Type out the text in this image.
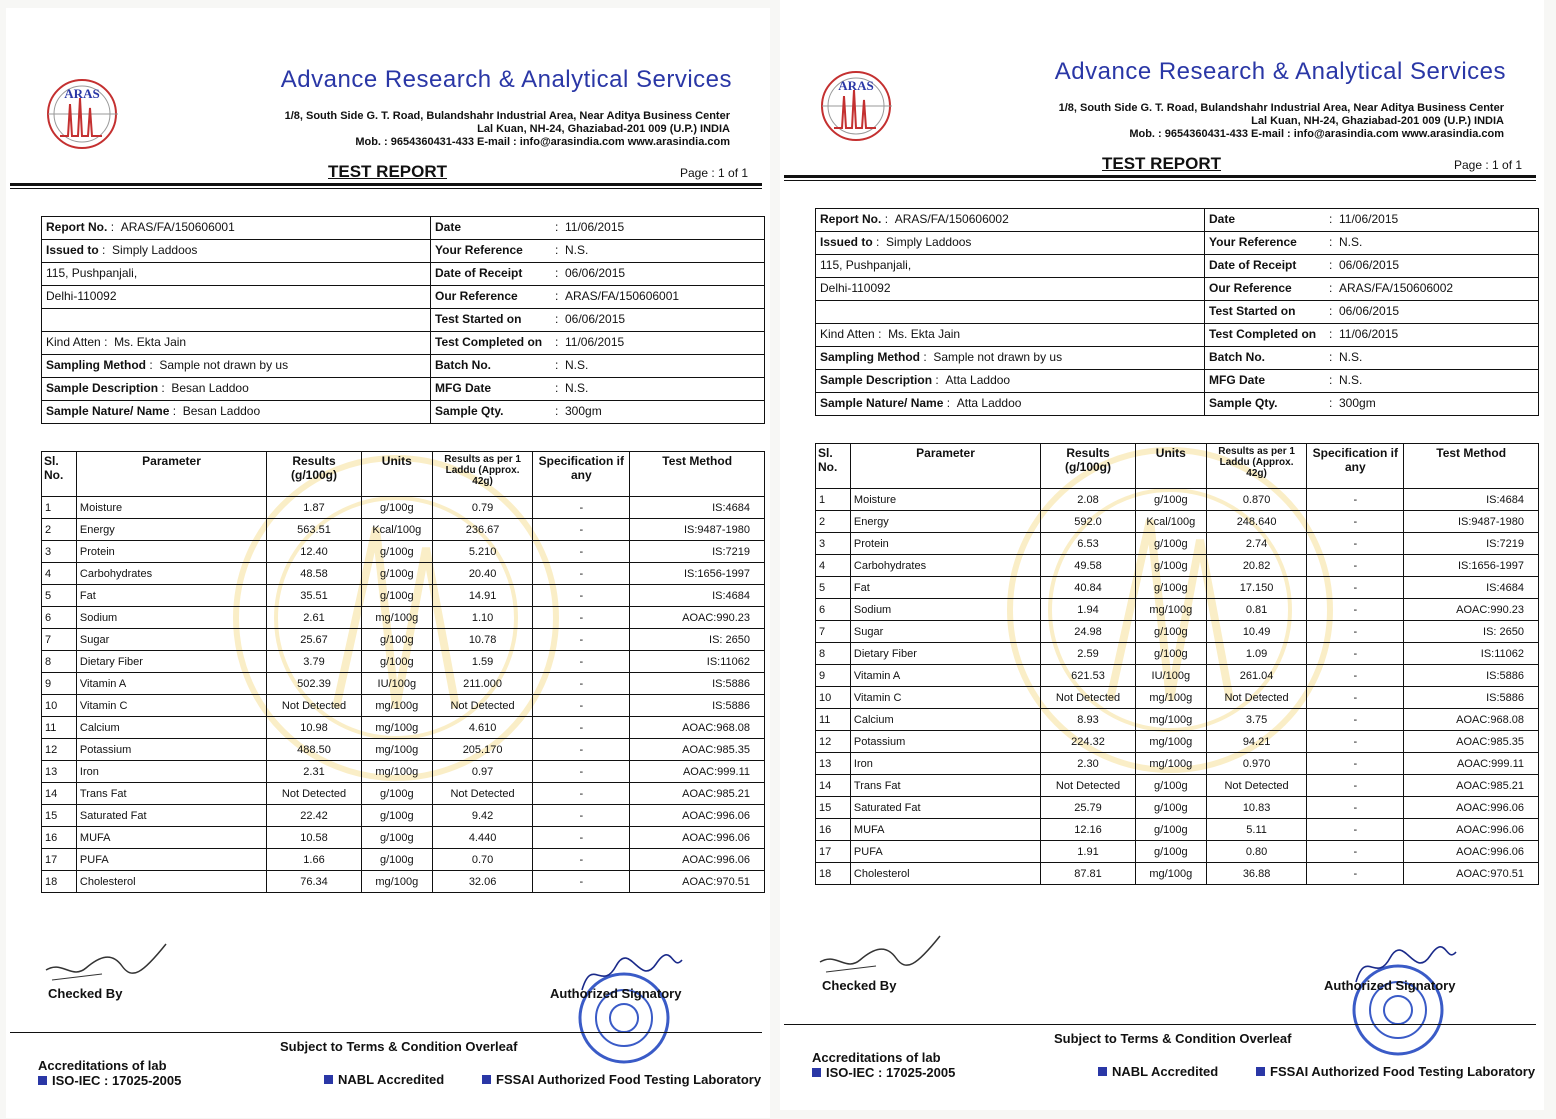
ARAS
Advance Research & Analytical Services
1/8, South Side G. T. Road, Bulandshahr Industrial Area, Near Aditya Business Center
Lal Kuan, NH-24, Ghaziabad-201 009 (U.P.) INDIA
Mob. : 9654360431-433 E-mail : info@arasindia.com www.arasindia.com
TEST REPORT	Page : 1 of 1
Report No. : ARAS/FA/150606001	Date	: 11/06/2015
Issued to : Simply Laddoos	Your Reference	: N.S.
115, Pushpanjali,	Date of Receipt	: 06/06/2015
Delhi-110092	Our Reference	: ARAS/FA/150606001
	Test Started on	: 06/06/2015
Kind Atten : Ms. Ekta Jain	Test Completed on	: 11/06/2015
Sampling Method : Sample not drawn by us	Batch No.	: N.S.
Sample Description : Besan Laddoo	MFG Date	: N.S.
Sample Nature/ Name : Besan Laddoo	Sample Qty.	: 300gm
Sl. No.	Parameter	Results (g/100g)	Units	Results as per 1 Laddu (Approx. 42g)	Specification if any	Test Method
1	Moisture	1.87	g/100g	0.79	-	IS:4684
2	Energy	563.51	Kcal/100g	236.67	-	IS:9487-1980
3	Protein	12.40	g/100g	5.210	-	IS:7219
4	Carbohydrates	48.58	g/100g	20.40	-	IS:1656-1997
5	Fat	35.51	g/100g	14.91	-	IS:4684
6	Sodium	2.61	mg/100g	1.10	-	AOAC:990.23
7	Sugar	25.67	g/100g	10.78	-	IS: 2650
8	Dietary Fiber	3.79	g/100g	1.59	-	IS:11062
9	Vitamin A	502.39	IU/100g	211.000	-	IS:5886
10	Vitamin C	Not Detected	mg/100g	Not Detected	-	IS:5886
11	Calcium	10.98	mg/100g	4.610	-	AOAC:968.08
12	Potassium	488.50	mg/100g	205.170	-	AOAC:985.35
13	Iron	2.31	mg/100g	0.97	-	AOAC:999.11
14	Trans Fat	Not Detected	g/100g	Not Detected	-	AOAC:985.21
15	Saturated Fat	22.42	g/100g	9.42	-	AOAC:996.06
16	MUFA	10.58	g/100g	4.440	-	AOAC:996.06
17	PUFA	1.66	g/100g	0.70	-	AOAC:996.06
18	Cholesterol	76.34	mg/100g	32.06	-	AOAC:970.51
Checked By	Authorized Signatory
Subject to Terms & Condition Overleaf
Accreditations of lab
ISO-IEC : 17025-2005	NABL Accredited	FSSAI Authorized Food Testing Laboratory
ARAS
Advance Research & Analytical Services
1/8, South Side G. T. Road, Bulandshahr Industrial Area, Near Aditya Business Center
Lal Kuan, NH-24, Ghaziabad-201 009 (U.P.) INDIA
Mob. : 9654360431-433 E-mail : info@arasindia.com www.arasindia.com
TEST REPORT	Page : 1 of 1
Report No. : ARAS/FA/150606002	Date	: 11/06/2015
Issued to : Simply Laddoos	Your Reference	: N.S.
115, Pushpanjali,	Date of Receipt	: 06/06/2015
Delhi-110092	Our Reference	: ARAS/FA/150606002
	Test Started on	: 06/06/2015
Kind Atten : Ms. Ekta Jain	Test Completed on	: 11/06/2015
Sampling Method : Sample not drawn by us	Batch No.	: N.S.
Sample Description : Atta Laddoo	MFG Date	: N.S.
Sample Nature/ Name : Atta Laddoo	Sample Qty.	: 300gm
Sl. No.	Parameter	Results (g/100g)	Units	Results as per 1 Laddu (Approx. 42g)	Specification if any	Test Method
1	Moisture	2.08	g/100g	0.870	-	IS:4684
2	Energy	592.0	Kcal/100g	248.640	-	IS:9487-1980
3	Protein	6.53	g/100g	2.74	-	IS:7219
4	Carbohydrates	49.58	g/100g	20.82	-	IS:1656-1997
5	Fat	40.84	g/100g	17.150	-	IS:4684
6	Sodium	1.94	mg/100g	0.81	-	AOAC:990.23
7	Sugar	24.98	g/100g	10.49	-	IS: 2650
8	Dietary Fiber	2.59	g/100g	1.09	-	IS:11062
9	Vitamin A	621.53	IU/100g	261.04	-	IS:5886
10	Vitamin C	Not Detected	mg/100g	Not Detected	-	IS:5886
11	Calcium	8.93	mg/100g	3.75	-	AOAC:968.08
12	Potassium	224.32	mg/100g	94.21	-	AOAC:985.35
13	Iron	2.30	mg/100g	0.970	-	AOAC:999.11
14	Trans Fat	Not Detected	g/100g	Not Detected	-	AOAC:985.21
15	Saturated Fat	25.79	g/100g	10.83	-	AOAC:996.06
16	MUFA	12.16	g/100g	5.11	-	AOAC:996.06
17	PUFA	1.91	g/100g	0.80	-	AOAC:996.06
18	Cholesterol	87.81	mg/100g	36.88	-	AOAC:970.51
Checked By	Authorized Signatory
Subject to Terms & Condition Overleaf
Accreditations of lab
ISO-IEC : 17025-2005	NABL Accredited	FSSAI Authorized Food Testing Laboratory
